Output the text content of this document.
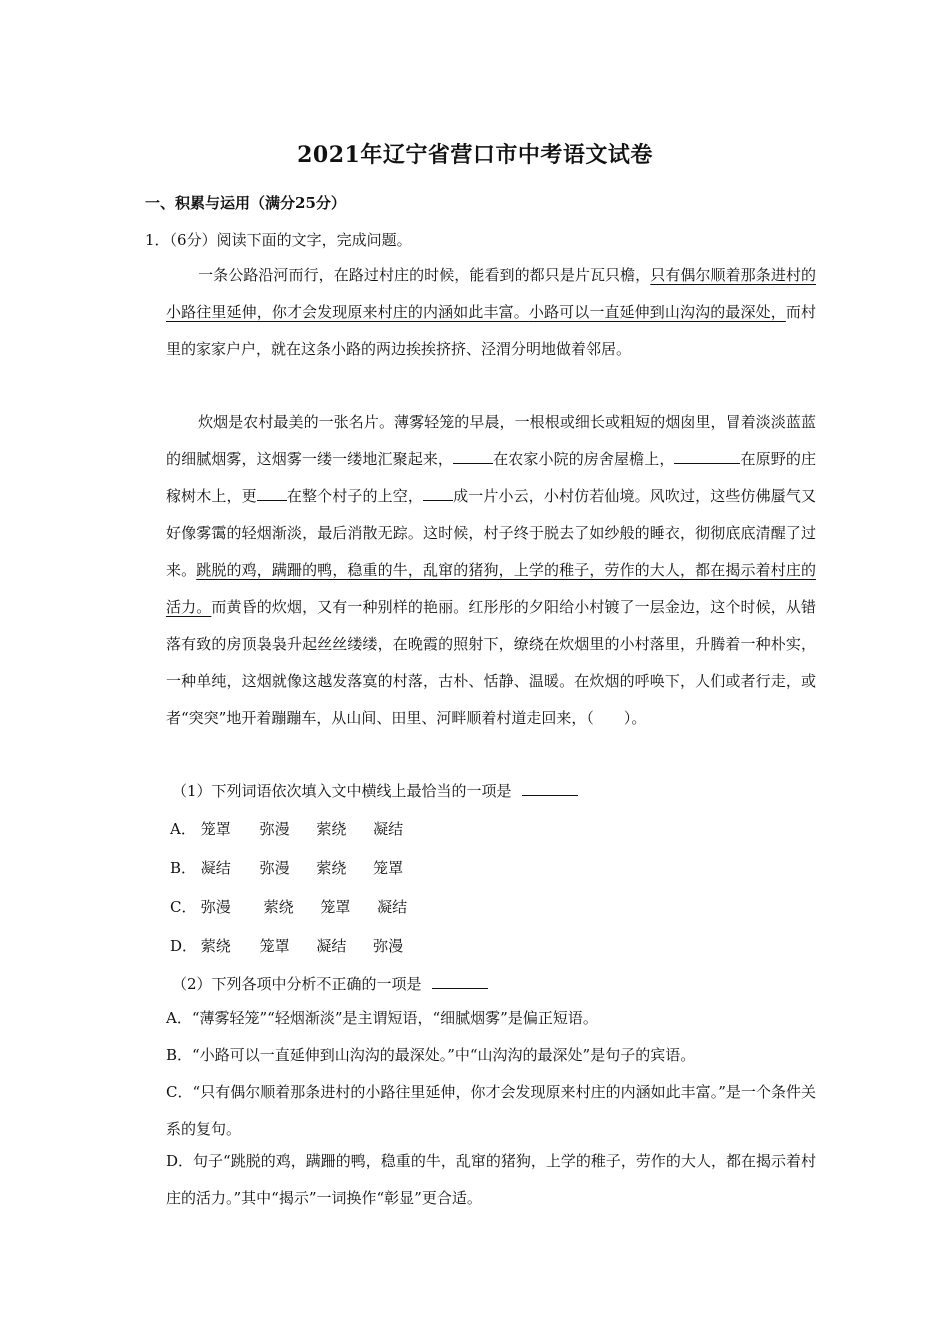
2021年辽宁省营口市中考语文试卷
一、积累与运用（满分25分）
1．（6分）阅读下面的文字，完成问题。
一条公路沿河而行，在路过村庄的时候，能看到的都只是片瓦只檐，只有偶尔顺着那条进村的小路往里延伸，你才会发现原来村庄的内涵如此丰富。小路可以一直延伸到山沟沟的最深处，而村里的家家户户，就在这条小路的两边挨挨挤挤、泾渭分明地做着邻居。
炊烟是农村最美的一张名片。薄雾轻笼的早晨，一根根或细长或粗短的烟囱里，冒着淡淡蓝蓝的细腻烟雾，这烟雾一缕一缕地汇聚起来，	在农家小院的房舍屋檐上，	在原野的庄稼树木上，更 在整个村子的上空， 成一片小云，小村仿若仙境。风吹过，这些仿佛蜃气又好像雾霭的轻烟渐淡，最后消散无踪。这时候，村子终于脱去了如纱般的睡衣，彻彻底底清醒了过来。跳脱的鸡，蹒跚的鸭，稳重的牛，乱窜的猪狗，上学的稚子，劳作的大人，都在揭示着村庄的活力。而黄昏的炊烟，又有一种别样的艳丽。红彤彤的夕阳给小村镀了一层金边，这个时候，从错落有致的房顶袅袅升起丝丝缕缕，在晚霞的照射下，缭绕在炊烟里的小村落里，升腾着一种朴实，一种单纯，这烟就像这越发落寞的村落，古朴、恬静、温暖。在炊烟的呼唤下，人们或者行走，或者“突突”地开着蹦蹦车，从山间、田里、河畔顺着村道走回来，（　　）。
（1）下列词语依次填入文中横线上最恰当的一项是
A． 笼罩 弥漫 萦绕 凝结
B． 凝结 弥漫 萦绕 笼罩
C． 弥漫 萦绕 笼罩 凝结
D． 萦绕 笼罩 凝结 弥漫
（2）下列各项中分析不正确的一项是
A．“薄雾轻笼”“轻烟渐淡”是主谓短语，“细腻烟雾”是偏正短语。
B．“小路可以一直延伸到山沟沟的最深处。”中“山沟沟的最深处”是句子的宾语。
C．“只有偶尔顺着那条进村的小路往里延伸，你才会发现原来村庄的内涵如此丰富。”是一个条件关系的复句。
D．句子“跳脱的鸡，蹒跚的鸭，稳重的牛，乱窜的猪狗，上学的稚子，劳作的大人，都在揭示着村庄的活力。”其中“揭示”一词换作“彰显”更合适。
